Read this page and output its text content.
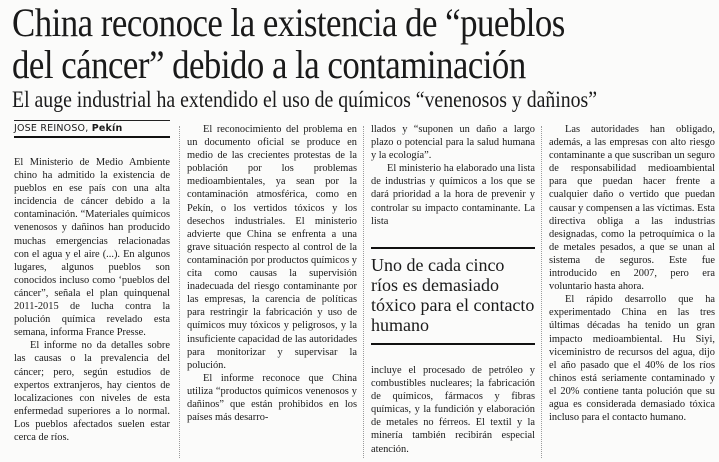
China reconoce la existencia de “pueblos
del cáncer” debido a la contaminación
El auge industrial ha extendido el uso de químicos “venenosos y dañinos”
JOSE REINOSO, Pekín

El Ministerio de Medio Ambiente chino ha admitido la existencia de pueblos en ese país con una alta incidencia de cáncer debido a la contaminación. “Materiales químicos venenosos y dañinos han producido muchas emergencias relacionadas con el agua y el aire (...). En algunos lugares, algunos pueblos son conocidos incluso como ‘pueblos del cáncer”, señala el plan quinquenal 2011-2015 de lucha contra la polución química revelado esta semana, informa France Presse.

El informe no da detalles sobre las causas o la prevalencia del cáncer; pero, según estudios de expertos extranjeros, hay cientos de localizaciones con niveles de esta enfermedad superiores a lo normal. Los pueblos afectados suelen estar cerca de ríos.

El reconocimiento del problema en un documento oficial se produce en medio de las crecientes protestas de la población por los problemas medioambientales, ya sean por la contaminación atmosférica, como en Pekín, o los vertidos tóxicos y los desechos industriales. El ministerio advierte que China se enfrenta a una grave situación respecto al control de la contaminación por productos químicos y cita como causas la supervisión inadecuada del riesgo contaminante por las empresas, la carencia de políticas para restringir la fabricación y uso de químicos muy tóxicos y peligrosos, y la insuficiente capacidad de las autoridades para monitorizar y supervisar la polución.

El informe reconoce que China utiliza “productos químicos venenosos y dañinos” que están prohibidos en los países más desarro-

llados y “suponen un daño a largo plazo o potencial para la salud humana y la ecología”.

El ministerio ha elaborado una lista de industrias y químicos a los que se dará prioridad a la hora de prevenir y controlar su impacto contaminante. La lista

Uno de cada cinco ríos es demasiado tóxico para el contacto humano

incluye el procesado de petróleo y combustibles nucleares; la fabricación de químicos, fármacos y fibras químicas, y la fundición y elaboración de metales no férreos. El textil y la minería también recibirán especial atención.

Las autoridades han obligado, además, a las empresas con alto riesgo contaminante a que suscriban un seguro de responsabilidad medioambiental para que puedan hacer frente a cualquier daño o vertido que puedan causar y compensen a las víctimas. Esta directiva obliga a las industrias designadas, como la petroquímica o la de metales pesados, a que se unan al sistema de seguros. Este fue introducido en 2007, pero era voluntario hasta ahora.

El rápido desarrollo que ha experimentado China en las tres últimas décadas ha tenido un gran impacto medioambiental. Hu Siyi, viceministro de recursos del agua, dijo el año pasado que el 40% de los ríos chinos está seriamente contaminado y el 20% contiene tanta polución que su agua es considerada demasiado tóxica incluso para el contacto humano.
